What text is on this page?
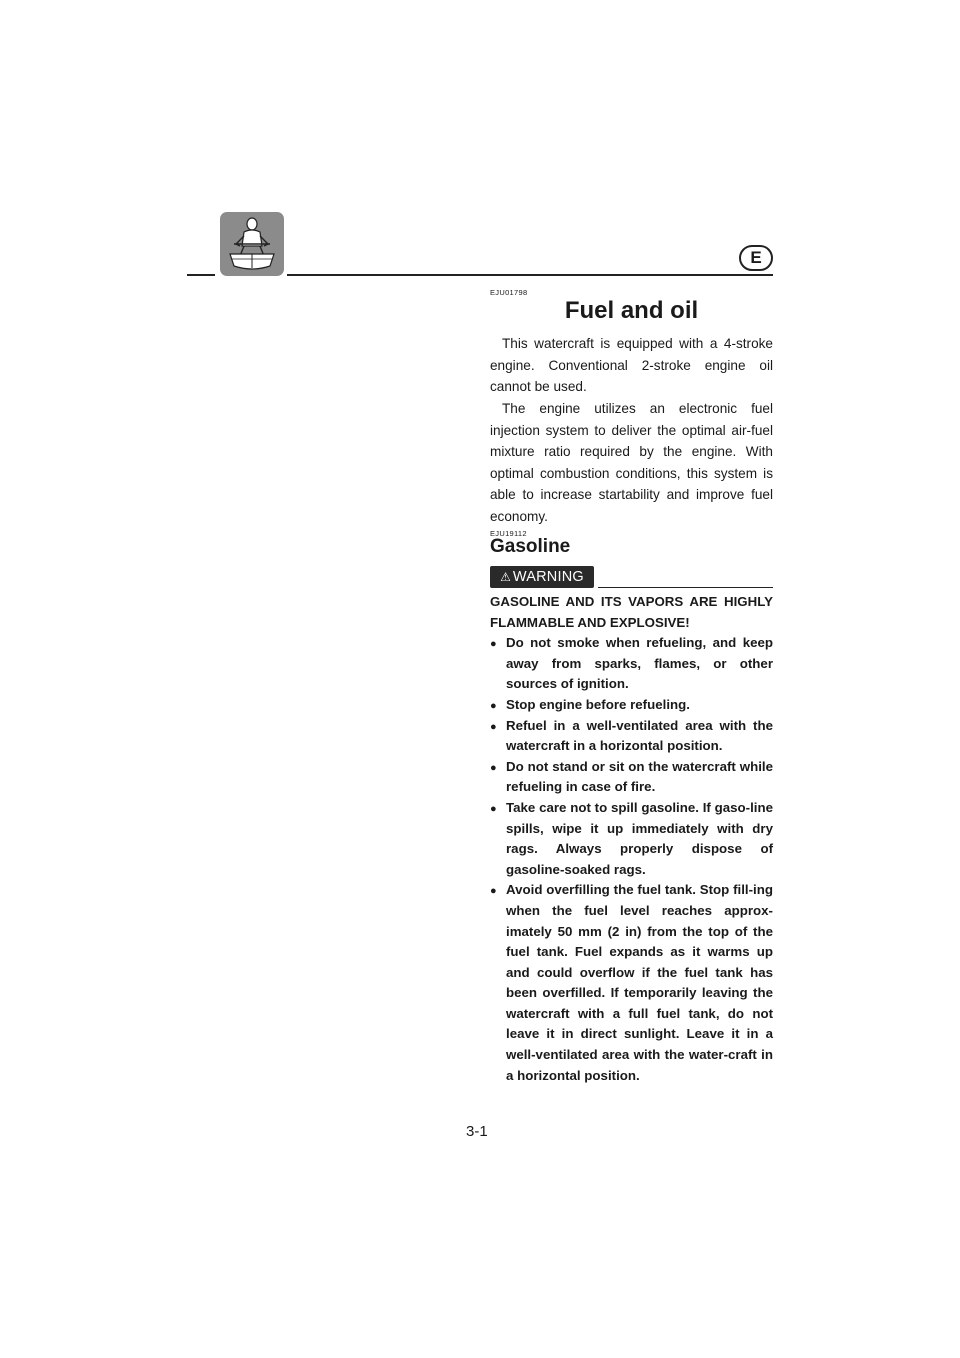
E
EJU01798
Fuel and oil

This watercraft is equipped with a 4-stroke engine. Conventional 2-stroke engine oil cannot be used.

The engine utilizes an electronic fuel injection system to deliver the optimal air-fuel mixture ratio required by the engine. With optimal combustion conditions, this system is able to increase startability and improve fuel economy.

EJU19112
Gasoline
⚠ WARNING

GASOLINE AND ITS VAPORS ARE HIGHLY FLAMMABLE AND EXPLOSIVE!

● Do not smoke when refueling, and keep away from sparks, flames, or other sources of ignition.
● Stop engine before refueling.
● Refuel in a well-ventilated area with the watercraft in a horizontal position.
● Do not stand or sit on the watercraft while refueling in case of fire.
● Take care not to spill gasoline. If gaso-line spills, wipe it up immediately with dry rags. Always properly dispose of gasoline-soaked rags.
● Avoid overfilling the fuel tank. Stop fill-ing when the fuel level reaches approx-imately 50 mm (2 in) from the top of the fuel tank. Fuel expands as it warms up and could overflow if the fuel tank has been overfilled. If temporarily leaving the watercraft with a full fuel tank, do not leave it in direct sunlight. Leave it in a well-ventilated area with the water-craft in a horizontal position.
3-1
